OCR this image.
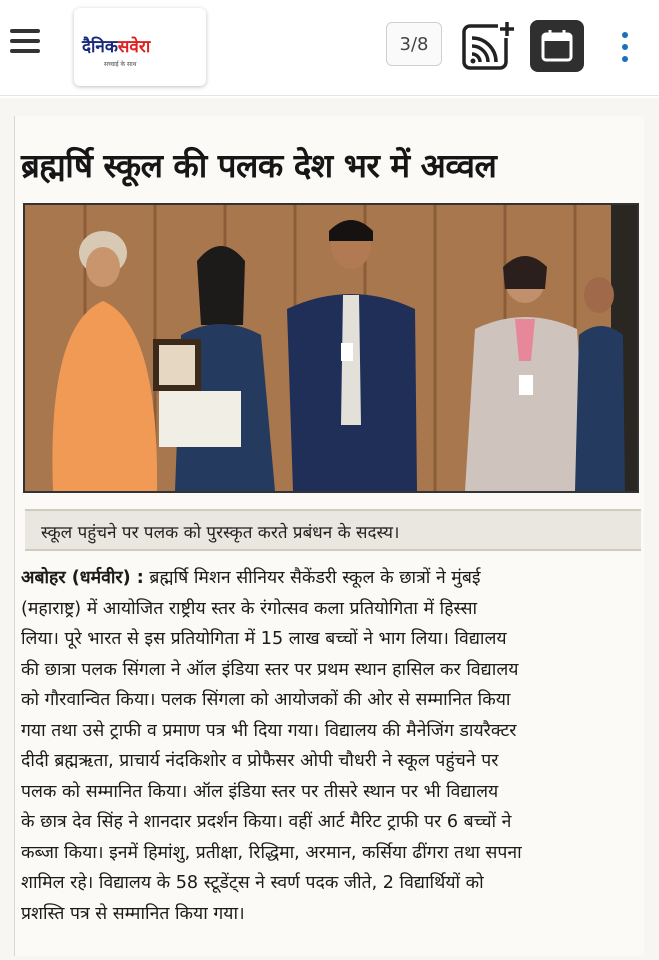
दैनिकसवेरा
सच्चाई के साथ
3/8
ब्रह्मर्षि स्कूल की पलक देश भर में अव्वल

स्कूल पहुंचने पर पलक को पुरस्कृत करते प्रबंधन के सदस्य।

अबोहर (धर्मवीर) : ब्रह्मर्षि मिशन सीनियर सैकेंडरी स्कूल के छात्रों ने मुंबई

(महाराष्ट्र) में आयोजित राष्ट्रीय स्तर के रंगोत्सव कला प्रतियोगिता में हिस्सा

लिया। पूरे भारत से इस प्रतियोगिता में 15 लाख बच्चों ने भाग लिया। विद्यालय

की छात्रा पलक सिंगला ने ऑल इंडिया स्तर पर प्रथम स्थान हासिल कर विद्यालय

को गौरवान्वित किया। पलक सिंगला को आयोजकों की ओर से सम्मानित किया

गया तथा उसे ट्राफी व प्रमाण पत्र भी दिया गया। विद्यालय की मैनेजिंग डायरैक्टर

दीदी ब्रह्मऋता, प्राचार्य नंदकिशोर व प्रोफैसर ओपी चौधरी ने स्कूल पहुंचने पर

पलक को सम्मानित किया। ऑल इंडिया स्तर पर तीसरे स्थान पर भी विद्यालय

के छात्र देव सिंह ने शानदार प्रदर्शन किया। वहीं आर्ट मैरिट ट्राफी पर 6 बच्चों ने

कब्जा किया। इनमें हिमांशु, प्रतीक्षा, रिद्धिमा, अरमान, कर्सिया ढींगरा तथा सपना

शामिल रहे। विद्यालय के 58 स्टूडेंट्स ने स्वर्ण पदक जीते, 2 विद्यार्थियों को

प्रशस्ति पत्र से सम्मानित किया गया।
